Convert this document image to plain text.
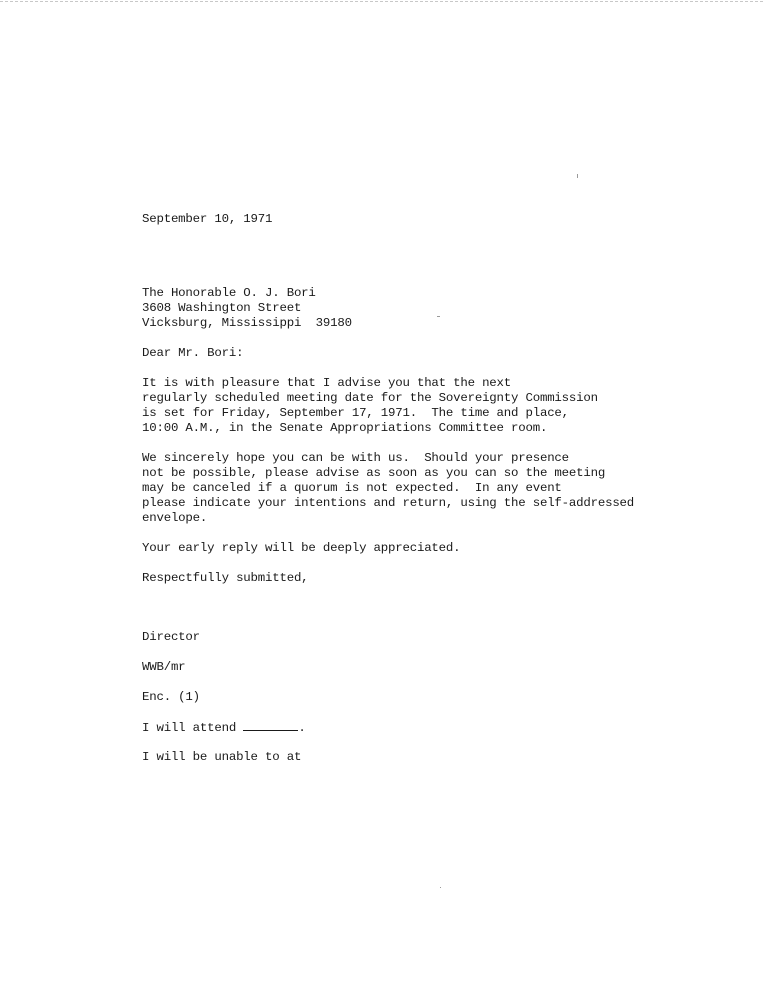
September 10, 1971
The Honorable O. J. Bori
3608 Washington Street
Vicksburg, Mississippi  39180
Dear Mr. Bori:
It is with pleasure that I advise you that the next
regularly scheduled meeting date for the Sovereignty Commission
is set for Friday, September 17, 1971.  The time and place,
10:00 A.M., in the Senate Appropriations Committee room.
We sincerely hope you can be with us.  Should your presence
not be possible, please advise as soon as you can so the meeting
may be canceled if a quorum is not expected.  In any event
please indicate your intentions and return, using the self-addressed
envelope.
Your early reply will be deeply appreciated.
Respectfully submitted,
Director
WWB/mr
Enc. (1)
I will attend	.
I will be unable to at
